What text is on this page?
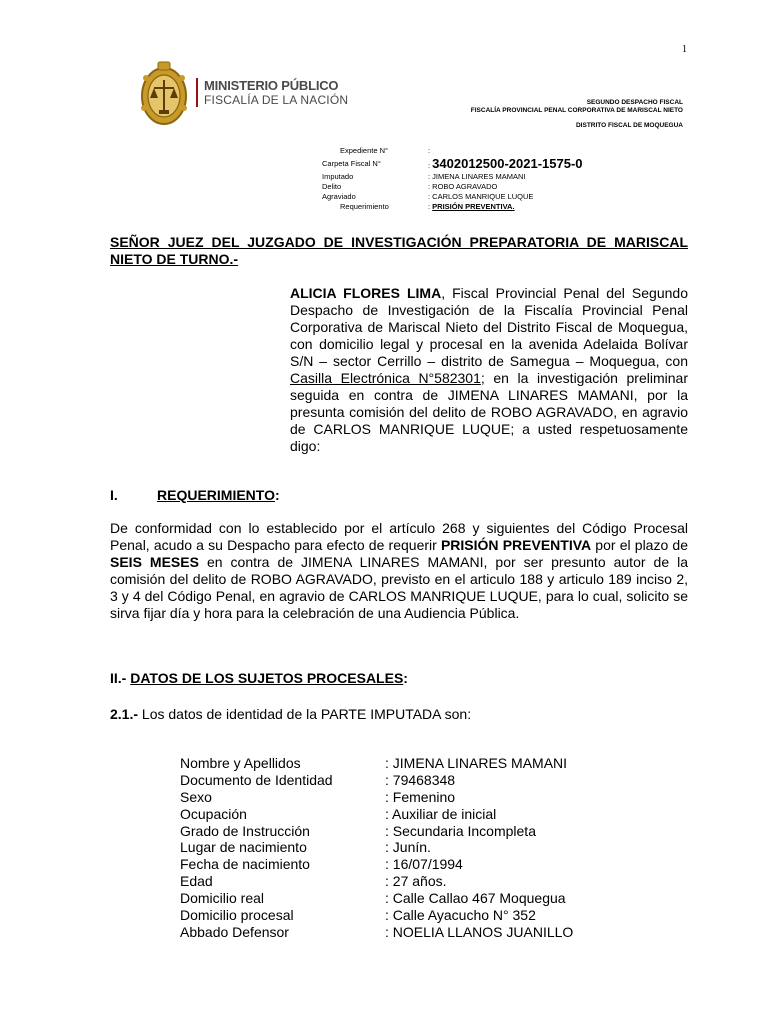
1
MINISTERIO PÚBLICO
FISCALÍA DE LA NACIÓN	SEGUNDO DESPACHO FISCAL
FISCALÍA PROVINCIAL PENAL CORPORATIVA DE MARISCAL NIETO
DISTRITO FISCAL DE MOQUEGUA
Expediente N°	:
Carpeta Fiscal N°	: 3402012500-2021-1575-0
Imputado	: JIMENA LINARES MAMANI
Delito	: ROBO AGRAVADO
Agraviado	: CARLOS MANRIQUE LUQUE
Requerimiento	: PRISIÓN PREVENTIVA.
SEÑOR JUEZ DEL JUZGADO DE INVESTIGACIÓN PREPARATORIA DE MARISCAL NIETO DE TURNO.-
ALICIA FLORES LIMA, Fiscal Provincial Penal del Segundo Despacho de Investigación de la Fiscalía Provincial Penal Corporativa de Mariscal Nieto del Distrito Fiscal de Moquegua, con domicilio legal y procesal en la avenida Adelaida Bolívar S/N – sector Cerrillo – distrito de Samegua – Moquegua, con Casilla Electrónica N°582301; en la investigación preliminar seguida en contra de JIMENA LINARES MAMANI, por la presunta comisión del delito de ROBO AGRAVADO, en agravio de CARLOS MANRIQUE LUQUE; a usted respetuosamente digo:
I.	REQUERIMIENTO:
De conformidad con lo establecido por el artículo 268 y siguientes del Código Procesal Penal, acudo a su Despacho para efecto de requerir PRISIÓN PREVENTIVA por el plazo de SEIS MESES en contra de JIMENA LINARES MAMANI, por ser presunto autor de la comisión del delito de ROBO AGRAVADO, previsto en el articulo 188 y articulo 189 inciso 2, 3 y 4 del Código Penal, en agravio de CARLOS MANRIQUE LUQUE, para lo cual, solicito se sirva fijar día y hora para la celebración de una Audiencia Pública.
II.- DATOS DE LOS SUJETOS PROCESALES:
2.1.- Los datos de identidad de la PARTE IMPUTADA son:
Nombre y Apellidos	: JIMENA LINARES MAMANI
Documento de Identidad	: 79468348
Sexo	: Femenino
Ocupación	: Auxiliar de inicial
Grado de Instrucción	: Secundaria Incompleta
Lugar de nacimiento	: Junín.
Fecha de nacimiento	: 16/07/1994
Edad	: 27 años.
Domicilio real	: Calle Callao 467 Moquegua
Domicilio procesal	: Calle Ayacucho N° 352
Abbado Defensor	: NOELIA LLANOS JUANILLO
